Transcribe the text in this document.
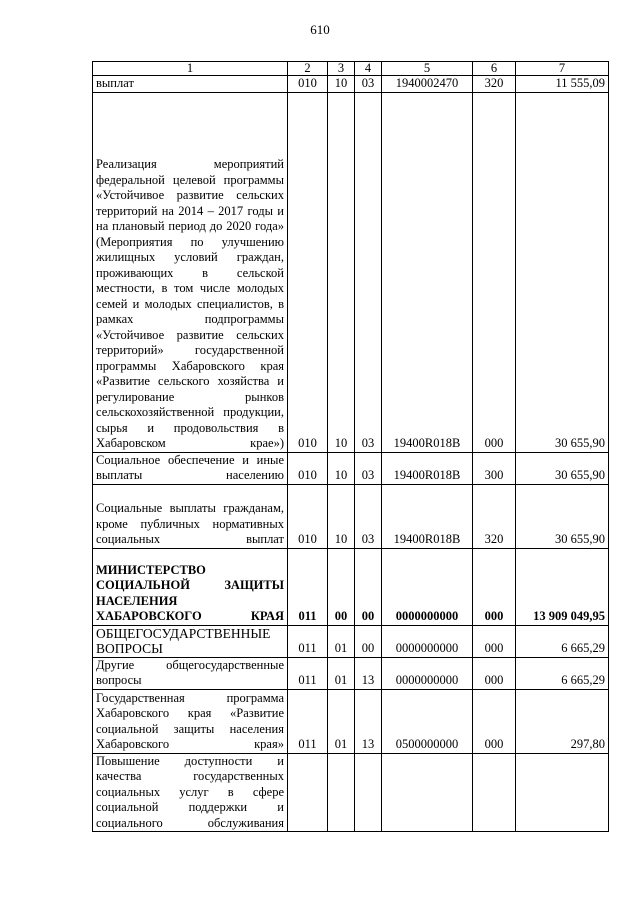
610
1	2	3	4	5	6	7
выплат	010	10	03	1940002470	320	11 555,09
Реализация мероприятий федеральной целевой программы «Устойчивое развитие сельских территорий на 2014 – 2017 годы и на плановый период до 2020 года» (Мероприятия по улучшению жилищных условий граждан, проживающих в сельской местности, в том числе молодых семей и молодых специалистов, в рамках подпрограммы «Устойчивое развитие сельских территорий» государственной программы Хабаровского края «Развитие сельского хозяйства и регулирование рынков сельскохозяйственной продукции, сырья и продовольствия в Хабаровском крае»)	010	10	03	19400R018B	000	30 655,90
Социальное обеспечение и иные выплаты населению	010	10	03	19400R018B	300	30 655,90
Социальные выплаты гражданам, кроме публичных нормативных социальных выплат	010	10	03	19400R018B	320	30 655,90
МИНИСТЕРСТВО СОЦИАЛЬНОЙ ЗАЩИТЫ НАСЕЛЕНИЯ ХАБАРОВСКОГО КРАЯ	011	00	00	0000000000	000	13 909 049,95
ОБЩЕГОСУДАРСТВЕННЫЕ ВОПРОСЫ	011	01	00	0000000000	000	6 665,29
Другие общегосударственные вопросы	011	01	13	0000000000	000	6 665,29
Государственная программа Хабаровского края «Развитие социальной защиты населения Хабаровского края»	011	01	13	0500000000	000	297,80
Повышение доступности и качества государственных социальных услуг в сфере социальной поддержки и социального обслуживания						
